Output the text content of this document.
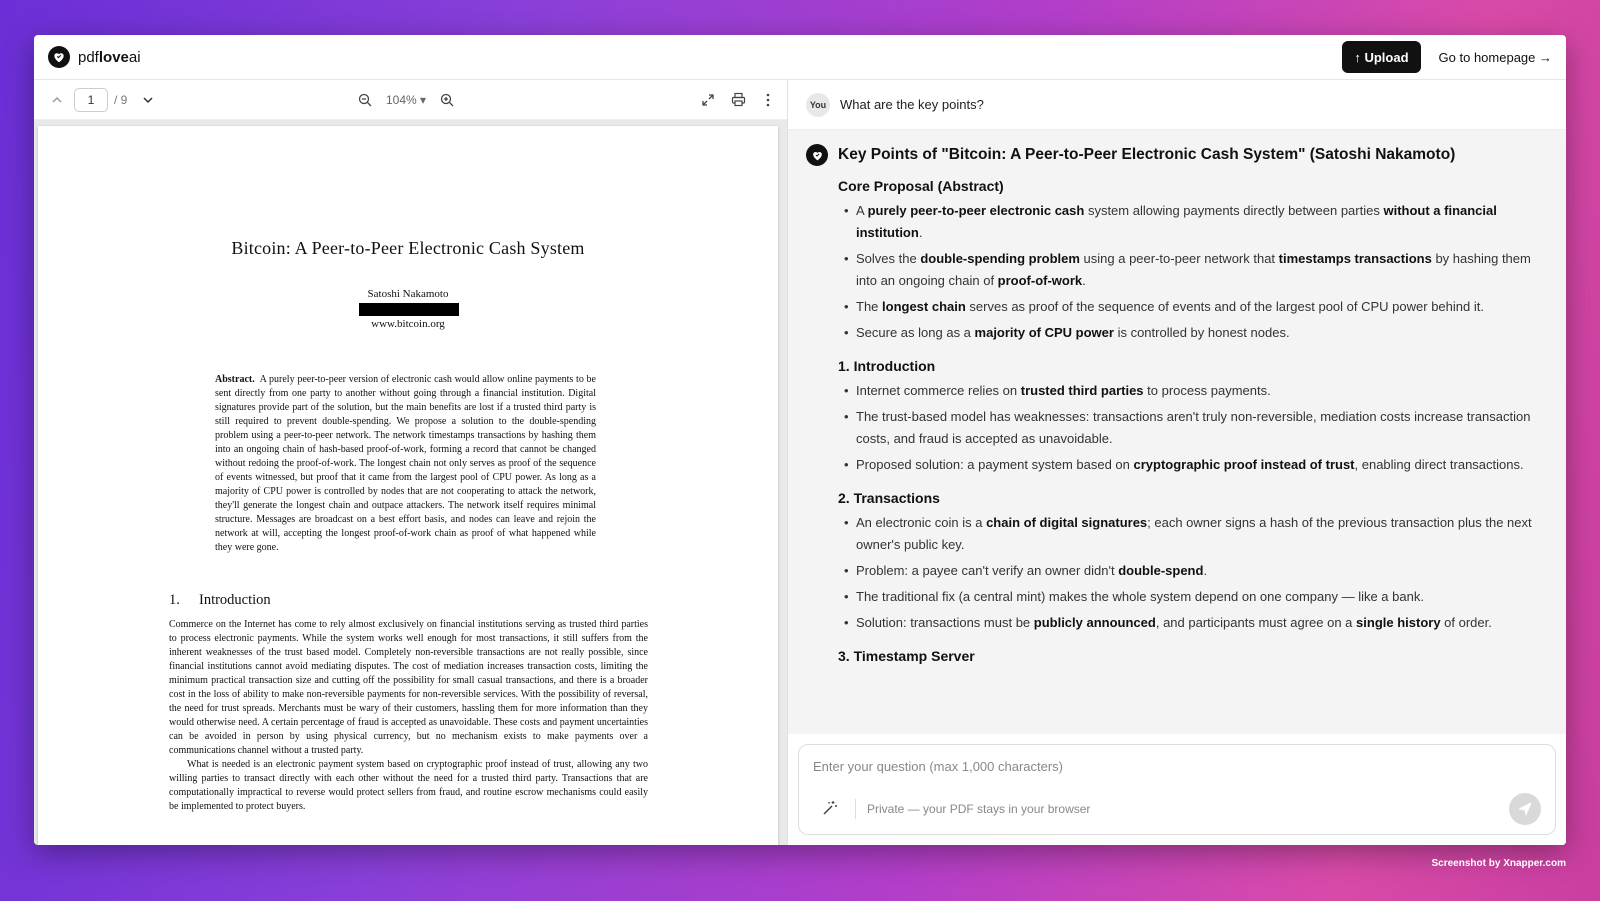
pdfloveai	↑ Upload	Go to homepage →
1
/ 9	104% ▾
Bitcoin: A Peer-to-Peer Electronic Cash System
Satoshi Nakamoto
www.bitcoin.org
Abstract. A purely peer-to-peer version of electronic cash would allow online payments to be sent directly from one party to another without going through a financial institution. Digital signatures provide part of the solution, but the main benefits are lost if a trusted third party is still required to prevent double-spending. We propose a solution to the double-spending problem using a peer-to-peer network. The network timestamps transactions by hashing them into an ongoing chain of hash-based proof-of-work, forming a record that cannot be changed without redoing the proof-of-work. The longest chain not only serves as proof of the sequence of events witnessed, but proof that it came from the largest pool of CPU power. As long as a majority of CPU power is controlled by nodes that are not cooperating to attack the network, they'll generate the longest chain and outpace attackers. The network itself requires minimal structure. Messages are broadcast on a best effort basis, and nodes can leave and rejoin the network at will, accepting the longest proof-of-work chain as proof of what happened while they were gone.
1. Introduction

Commerce on the Internet has come to rely almost exclusively on financial institutions serving as trusted third parties to process electronic payments. While the system works well enough for most transactions, it still suffers from the inherent weaknesses of the trust based model. Completely non-reversible transactions are not really possible, since financial institutions cannot avoid mediating disputes. The cost of mediation increases transaction costs, limiting the minimum practical transaction size and cutting off the possibility for small casual transactions, and there is a broader cost in the loss of ability to make non-reversible payments for non-reversible services. With the possibility of reversal, the need for trust spreads. Merchants must be wary of their customers, hassling them for more information than they would otherwise need. A certain percentage of fraud is accepted as unavoidable. These costs and payment uncertainties can be avoided in person by using physical currency, but no mechanism exists to make payments over a communications channel without a trusted party.

What is needed is an electronic payment system based on cryptographic proof instead of trust, allowing any two willing parties to transact directly with each other without the need for a trusted third party. Transactions that are computationally impractical to reverse would protect sellers from fraud, and routine escrow mechanisms could easily be implemented to protect buyers.

You What are the key points?
Key Points of "Bitcoin: A Peer-to-Peer Electronic Cash System" (Satoshi Nakamoto)
Core Proposal (Abstract)
• A purely peer-to-peer electronic cash system allowing payments directly between parties without a financial institution.
• Solves the double-spending problem using a peer-to-peer network that timestamps transactions by hashing them into an ongoing chain of proof-of-work.
• The longest chain serves as proof of the sequence of events and of the largest pool of CPU power behind it.
• Secure as long as a majority of CPU power is controlled by honest nodes.
1. Introduction
• Internet commerce relies on trusted third parties to process payments.
• The trust-based model has weaknesses: transactions aren't truly non-reversible, mediation costs increase transaction costs, and fraud is accepted as unavoidable.
• Proposed solution: a payment system based on cryptographic proof instead of trust, enabling direct transactions.
2. Transactions
• An electronic coin is a chain of digital signatures; each owner signs a hash of the previous transaction plus the next owner's public key.
• Problem: a payee can't verify an owner didn't double-spend.
• The traditional fix (a central mint) makes the whole system depend on one company — like a bank.
• Solution: transactions must be publicly announced, and participants must agree on a single history of order.
3. Timestamp Server
Enter your question (max 1,000 characters)
Private — your PDF stays in your browser
Screenshot by Xnapper.com
